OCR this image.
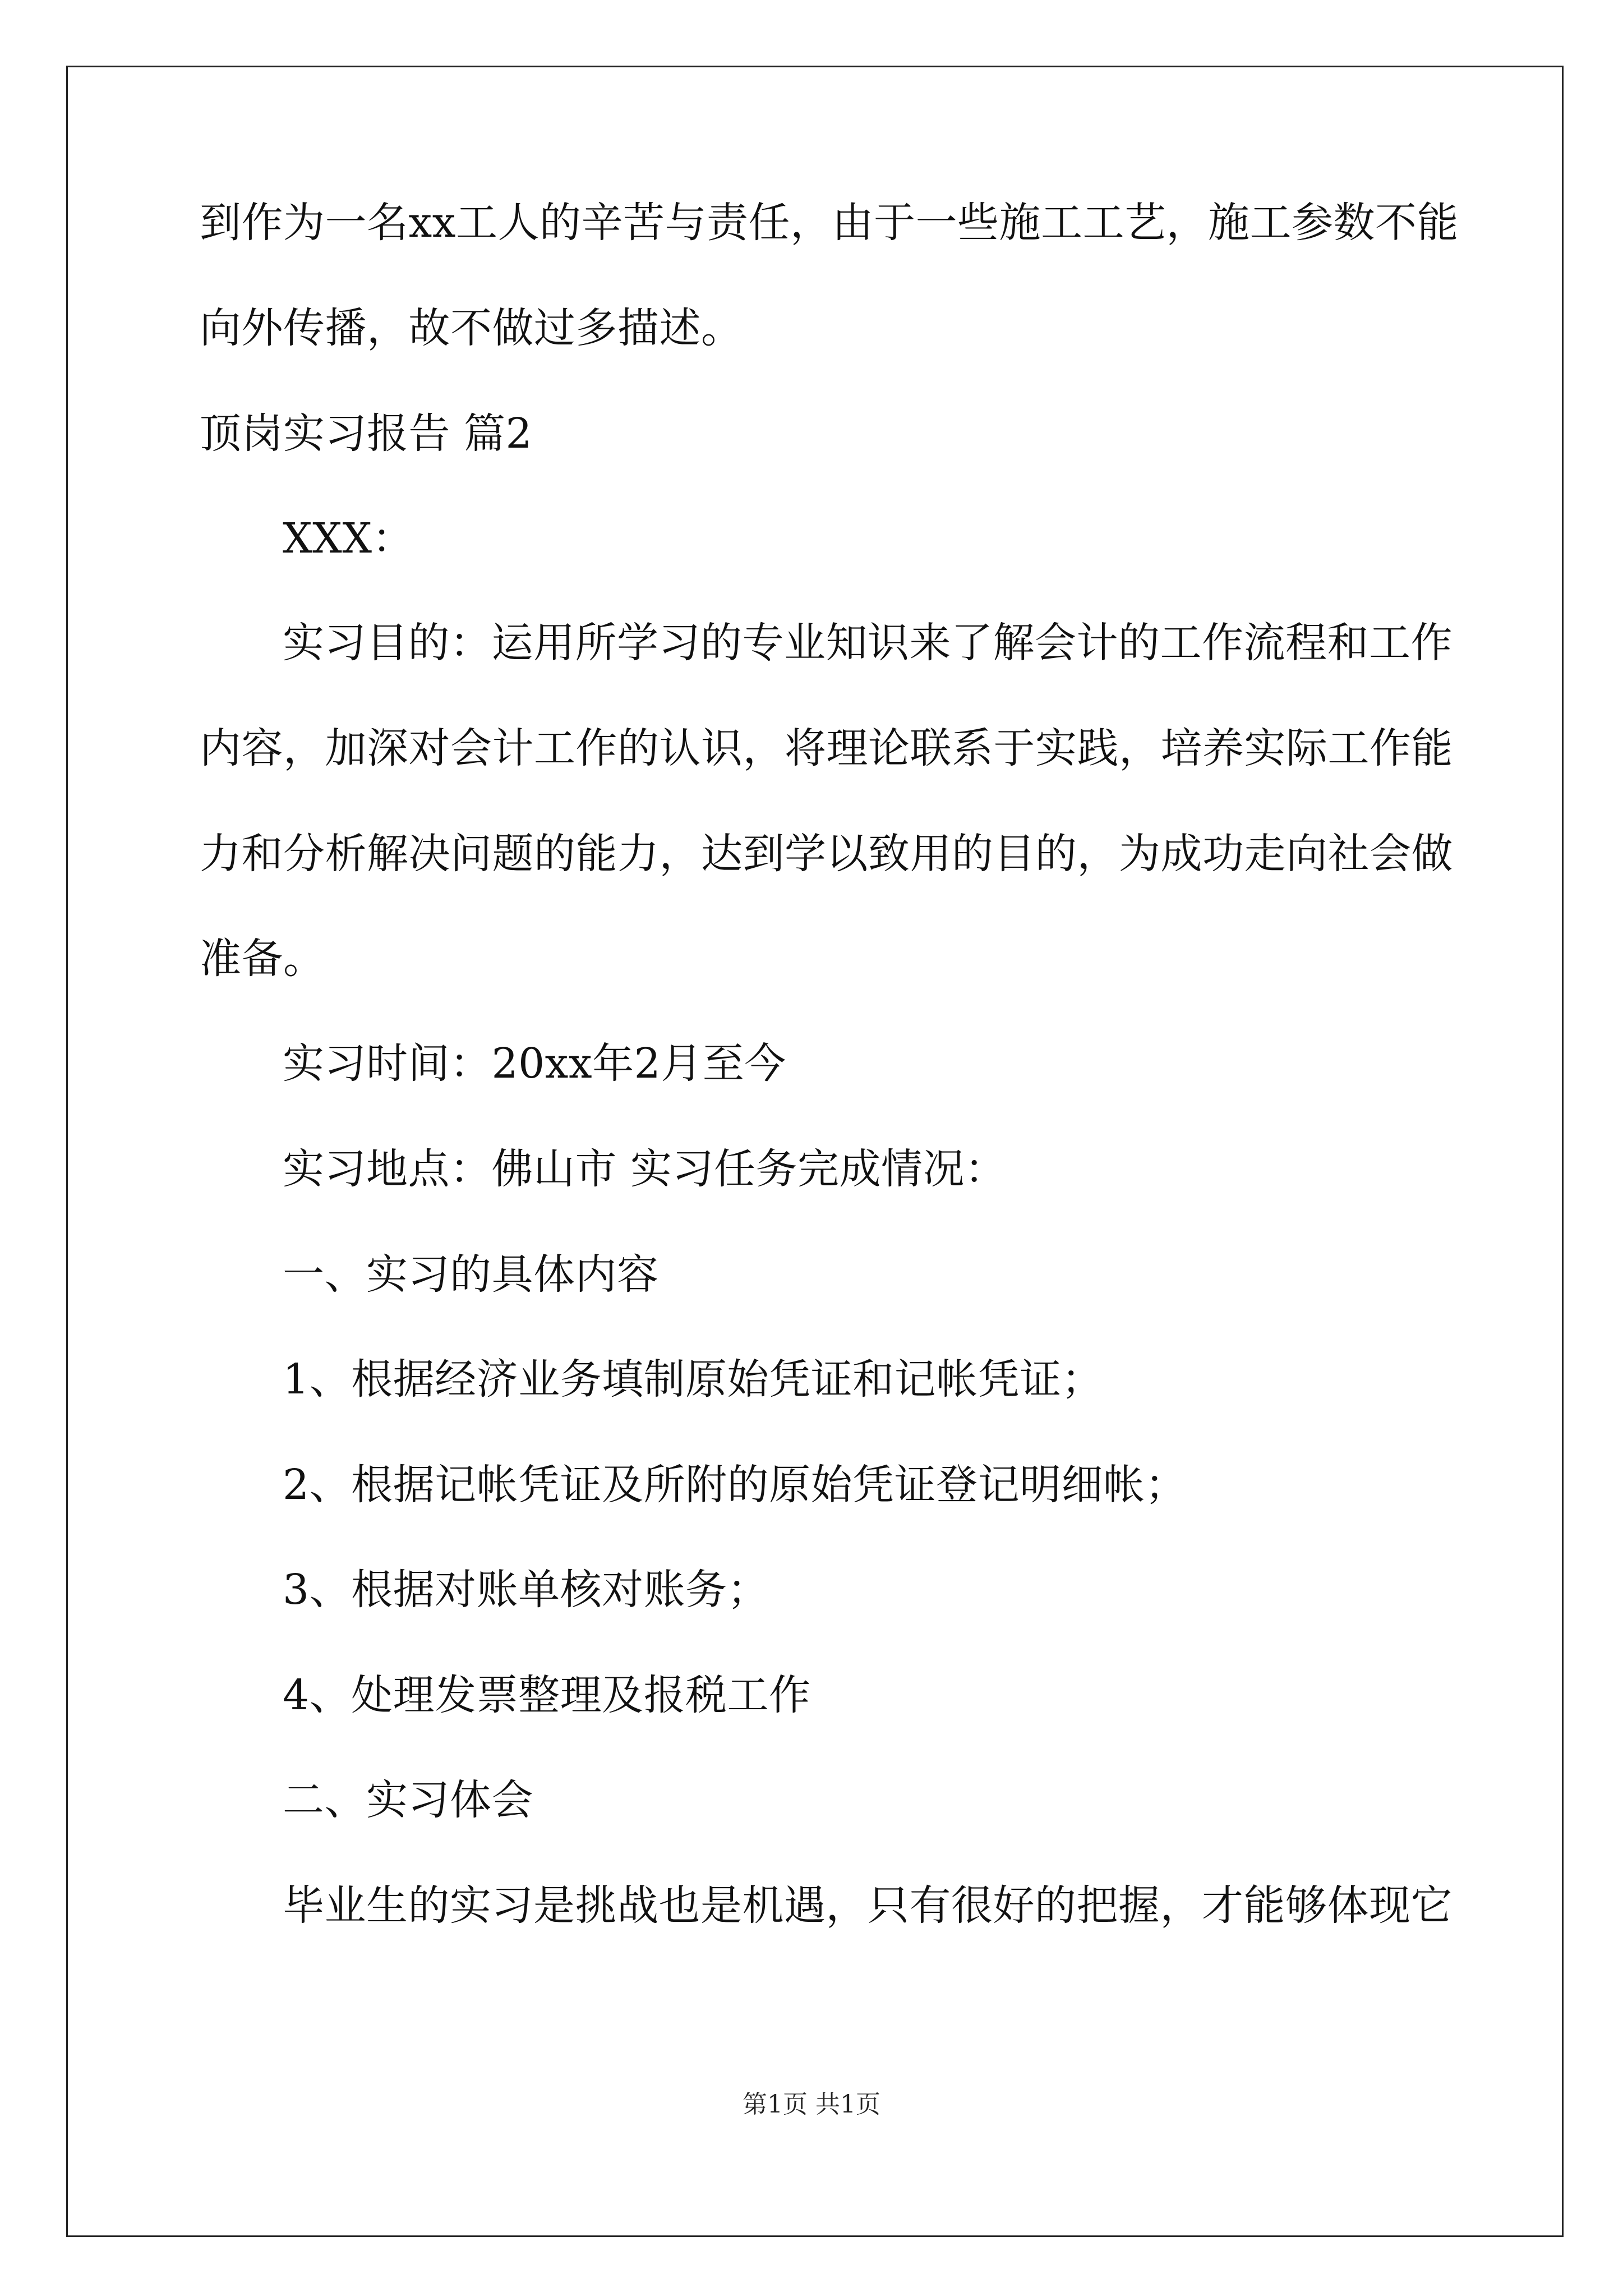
到作为一名xx工人的辛苦与责任，由于一些施工工艺，施工参数不能
向外传播，故不做过多描述。
顶岗实习报告 篇2
XXX：
实习目的：运用所学习的专业知识来了解会计的工作流程和工作
内容，加深对会计工作的认识，将理论联系于实践，培养实际工作能
力和分析解决问题的能力，达到学以致用的目的，为成功走向社会做
准备。
实习时间：20xx年2月至今
实习地点：佛山市 实习任务完成情况：
一、实习的具体内容
1、根据经济业务填制原始凭证和记帐凭证；
2、根据记帐凭证及所附的原始凭证登记明细帐；
3、根据对账单核对账务；
4、处理发票整理及报税工作
二、实习体会
毕业生的实习是挑战也是机遇，只有很好的把握，才能够体现它
第1页 共1页
